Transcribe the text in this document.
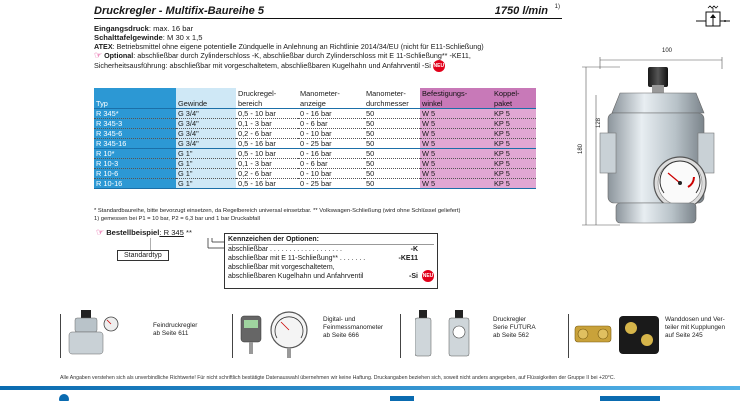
Druckregler - Multifix-Baureihe 5	1750 l/min 1)
Eingangsdruck: max. 16 bar
Schalttafelgewinde: M 30 x 1,5
ATEX: Betriebsmittel ohne eigene potentielle Zündquelle in Anlehnung an Richtlinie 2014/34/EU (nicht für E11-Schließung)
☞ Optional: abschließbar durch Zylinderschloss -K, abschließbar durch Zylinderschloss mit E 11-Schließung** -KE11,
Sicherheitsausführung: abschließbar mit vorgeschaltetem, abschließbaren Kugelhahn und Anfahrventil -Si NEU
		Druckregel-	Manometer-	Manometer-	Befestigungs-	Koppel-
Typ	Gewinde	bereich	anzeige	durchmesser	winkel	paket
R 345*	G 3/4"	0,5 - 10 bar	0 - 16 bar	50	W 5	KP 5
R 345-3	G 3/4"	0,1 - 3 bar	0 - 6 bar	50	W 5	KP 5
R 345-6	G 3/4"	0,2 - 6 bar	0 - 10 bar	50	W 5	KP 5
R 345-16	G 3/4"	0,5 - 16 bar	0 - 25 bar	50	W 5	KP 5
R 10*	G 1"	0,5 - 10 bar	0 - 16 bar	50	W 5	KP 5
R 10-3	G 1"	0,1 - 3 bar	0 - 6 bar	50	W 5	KP 5
R 10-6	G 1"	0,2 - 6 bar	0 - 10 bar	50	W 5	KP 5
R 10-16	G 1"	0,5 - 16 bar	0 - 25 bar	50	W 5	KP 5
* Standardbaureihe, bitte bevorzugt einsetzen, da Regelbereich universal einsetzbar. ** Volkswagen-Schließung (wird ohne Schlüssel geliefert)
1) gemessen bei P1 = 10 bar, P2 = 6,3 bar und 1 bar Druckabfall
☞ Bestellbeispiel: R 345 **
Standardtyp
Kennzeichen der Optionen:
abschließbar . . . . . . . . . . . . . . . . . . .	-K
abschließbar mit E 11-Schließung** . . . . . . .	-KE11
abschließbar mit vorgeschaltetem,
abschließbaren Kugelhahn und Anfahrventil	-Si NEU
100
128
180
Feindruckregler
ab Seite 611
Digital- und
Feinmessmanometer
ab Seite 666
Druckregler
Serie FUTURA
ab Seite 562
Wanddosen und Ver-
teiler mit Kupplungen
auf Seite 245
Alle Angaben verstehen sich als unverbindliche Richtwerte! Für nicht schriftlich bestätigte Datenauswahl übernehmen wir keine Haftung. Druckangaben beziehen sich, soweit nicht anders angegeben, auf Flüssigkeiten der Gruppe II bei +20°C.
